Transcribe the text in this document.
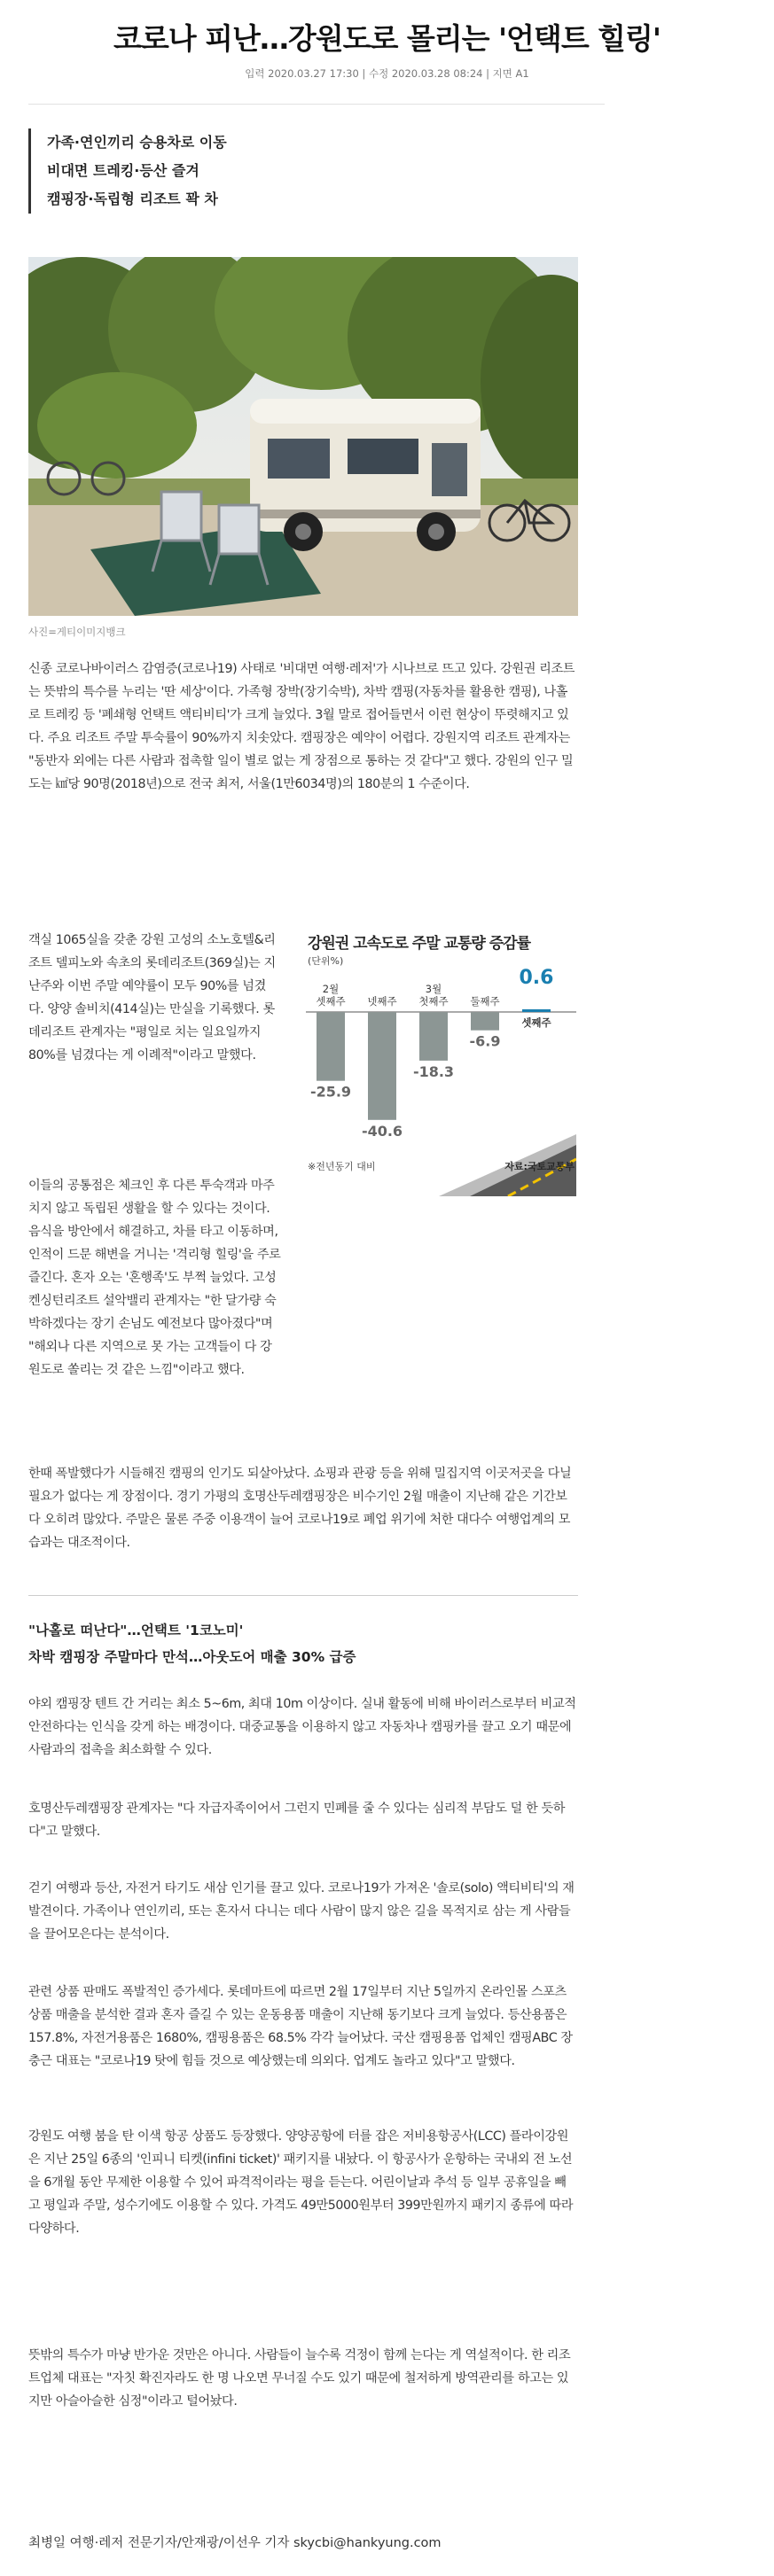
코로나 피난…강원도로 몰리는 '언택트 힐링'
입력 2020.03.27 17:30 | 수정 2020.03.28 08:24 | 지면 A1
가족·연인끼리 승용차로 이동
비대면 트레킹·등산 즐겨
캠핑장·독립형 리조트 꽉 차
사진=게티이미지뱅크
신종 코로나바이러스 감염증(코로나19) 사태로 '비대면 여행·레저'가 시나브로 뜨고 있다. 강원권 리조트는 뜻밖의 특수를 누리는 '딴 세상'이다. 가족형 장박(장기숙박), 차박 캠핑(자동차를 활용한 캠핑), 나홀로 트레킹 등 '폐쇄형 언택트 액티비티'가 크게 늘었다. 3월 말로 접어들면서 이런 현상이 뚜렷해지고 있다. 주요 리조트 주말 투숙률이 90%까지 치솟았다. 캠핑장은 예약이 어렵다. 강원지역 리조트 관계자는 "동반자 외에는 다른 사람과 접촉할 일이 별로 없는 게 장점으로 통하는 것 같다"고 했다. 강원의 인구 밀도는 ㎢당 90명(2018년)으로 전국 최저, 서울(1만6034명)의 180분의 1 수준이다.
객실 1065실을 갖춘 강원 고성의 소노호텔&리조트 델피노와 속초의 롯데리조트(369실)는 지난주와 이번 주말 예약률이 모두 90%를 넘겼다. 양양 솔비치(414실)는 만실을 기록했다. 롯데리조트 관계자는 "평일로 치는 일요일까지 80%를 넘겼다는 게 이례적"이라고 말했다.
2월 셋째주
-25.9
넷째주
-40.6
3월 첫째주
-18.3
둘째주
-6.9
셋째주
0.6
강원권 고속도로 주말 교통량 증감률
(단위%)
※전년동기 대비	자료:국토교통부
이들의 공통점은 체크인 후 다른 투숙객과 마주치지 않고 독립된 생활을 할 수 있다는 것이다. 음식을 방안에서 해결하고, 차를 타고 이동하며, 인적이 드문 해변을 거니는 '격리형 힐링'을 주로 즐긴다. 혼자 오는 '혼행족'도 부쩍 늘었다. 고성 켄싱턴리조트 설악밸리 관계자는 "한 달가량 숙박하겠다는 장기 손님도 예전보다 많아졌다"며 "해외나 다른 지역으로 못 가는 고객들이 다 강원도로 쏠리는 것 같은 느낌"이라고 했다.
한때 폭발했다가 시들해진 캠핑의 인기도 되살아났다. 쇼핑과 관광 등을 위해 밀집지역 이곳저곳을 다닐 필요가 없다는 게 장점이다. 경기 가평의 호명산두레캠핑장은 비수기인 2월 매출이 지난해 같은 기간보다 오히려 많았다. 주말은 물론 주중 이용객이 늘어 코로나19로 폐업 위기에 처한 대다수 여행업계의 모습과는 대조적이다.
"나홀로 떠난다"…언택트 '1코노미'
차박 캠핑장 주말마다 만석…아웃도어 매출 30% 급증
야외 캠핑장 텐트 간 거리는 최소 5~6m, 최대 10m 이상이다. 실내 활동에 비해 바이러스로부터 비교적 안전하다는 인식을 갖게 하는 배경이다. 대중교통을 이용하지 않고 자동차나 캠핑카를 끌고 오기 때문에 사람과의 접촉을 최소화할 수 있다.
호명산두레캠핑장 관계자는 "다 자급자족이어서 그런지 민폐를 줄 수 있다는 심리적 부담도 덜 한 듯하다"고 말했다.
걷기 여행과 등산, 자전거 타기도 새삼 인기를 끌고 있다. 코로나19가 가져온 '솔로(solo) 액티비티'의 재발견이다. 가족이나 연인끼리, 또는 혼자서 다니는 데다 사람이 많지 않은 길을 목적지로 삼는 게 사람들을 끌어모은다는 분석이다.
관련 상품 판매도 폭발적인 증가세다. 롯데마트에 따르면 2월 17일부터 지난 5일까지 온라인몰 스포츠 상품 매출을 분석한 결과 혼자 즐길 수 있는 운동용품 매출이 지난해 동기보다 크게 늘었다. 등산용품은 157.8%, 자전거용품은 1680%, 캠핑용품은 68.5% 각각 늘어났다. 국산 캠핑용품 업체인 캠핑ABC 장충근 대표는 "코로나19 탓에 힘들 것으로 예상했는데 의외다. 업계도 놀라고 있다"고 말했다.
강원도 여행 붐을 탄 이색 항공 상품도 등장했다. 양양공항에 터를 잡은 저비용항공사(LCC) 플라이강원은 지난 25일 6종의 '인피니 티켓(infini ticket)' 패키지를 내놨다. 이 항공사가 운항하는 국내외 전 노선을 6개월 동안 무제한 이용할 수 있어 파격적이라는 평을 듣는다. 어린이날과 추석 등 일부 공휴일을 빼고 평일과 주말, 성수기에도 이용할 수 있다. 가격도 49만5000원부터 399만원까지 패키지 종류에 따라 다양하다.
뜻밖의 특수가 마냥 반가운 것만은 아니다. 사람들이 늘수록 걱정이 함께 는다는 게 역설적이다. 한 리조트업체 대표는 "자칫 확진자라도 한 명 나오면 무너질 수도 있기 때문에 철저하게 방역관리를 하고는 있지만 아슬아슬한 심정"이라고 털어놨다.
최병일 여행·레저 전문기자/안재광/이선우 기자 skycbi@hankyung.com
